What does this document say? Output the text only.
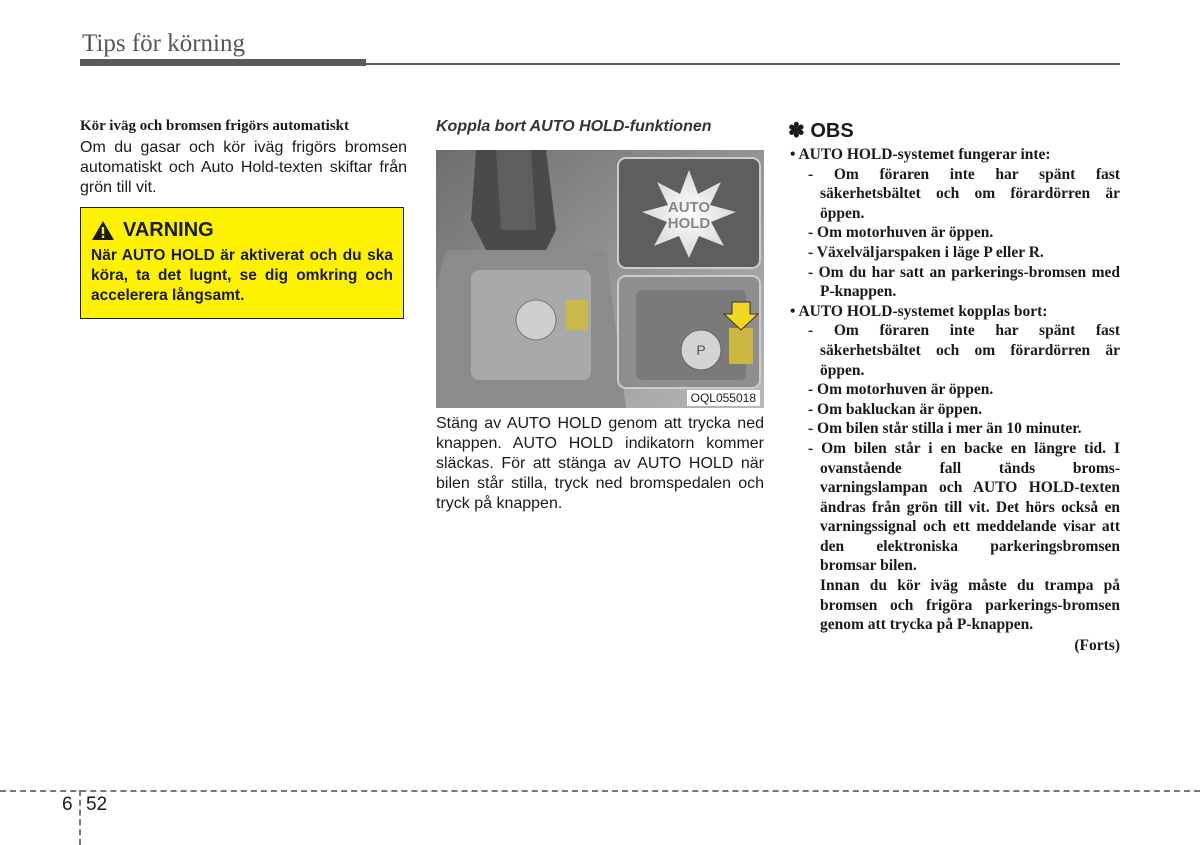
Tips för körning

Kör iväg och bromsen frigörs automatiskt

Om du gasar och kör iväg frigörs bromsen automatiskt och Auto Hold-texten skiftar från grön till vit.

VARNING
När AUTO HOLD är aktiverat och du ska köra, ta det lugnt, se dig omkring och accelerera långsamt.

Koppla bort AUTO HOLD-funktionen

AUTO
HOLD
P
OQL055018

Stäng av AUTO HOLD genom att trycka ned knappen. AUTO HOLD indikatorn kommer släckas. För att stänga av AUTO HOLD när bilen står stilla, tryck ned bromspedalen och tryck på knappen.

✽ OBS

• AUTO HOLD-systemet fungerar inte:

- Om föraren inte har spänt fast säkerhetsbältet och om förardörren är öppen.

- Om motorhuven är öppen.

- Växelväljarspaken i läge P eller R.

- Om du har satt an parkerings-bromsen med P-knappen.

• AUTO HOLD-systemet kopplas bort:

- Om föraren inte har spänt fast säkerhetsbältet och om förardörren är öppen.

- Om motorhuven är öppen.

- Om bakluckan är öppen.

- Om bilen står stilla i mer än 10 minuter.

- Om bilen står i en backe en längre tid. I ovanstående fall tänds broms-varningslampan och AUTO HOLD-texten ändras från grön till vit. Det hörs också en varningssignal och ett meddelande visar att den elektroniska parkeringsbromsen bromsar bilen.

Innan du kör iväg måste du trampa på bromsen och frigöra parkerings-bromsen genom att trycka på P-knappen.

(Forts)
6 52
